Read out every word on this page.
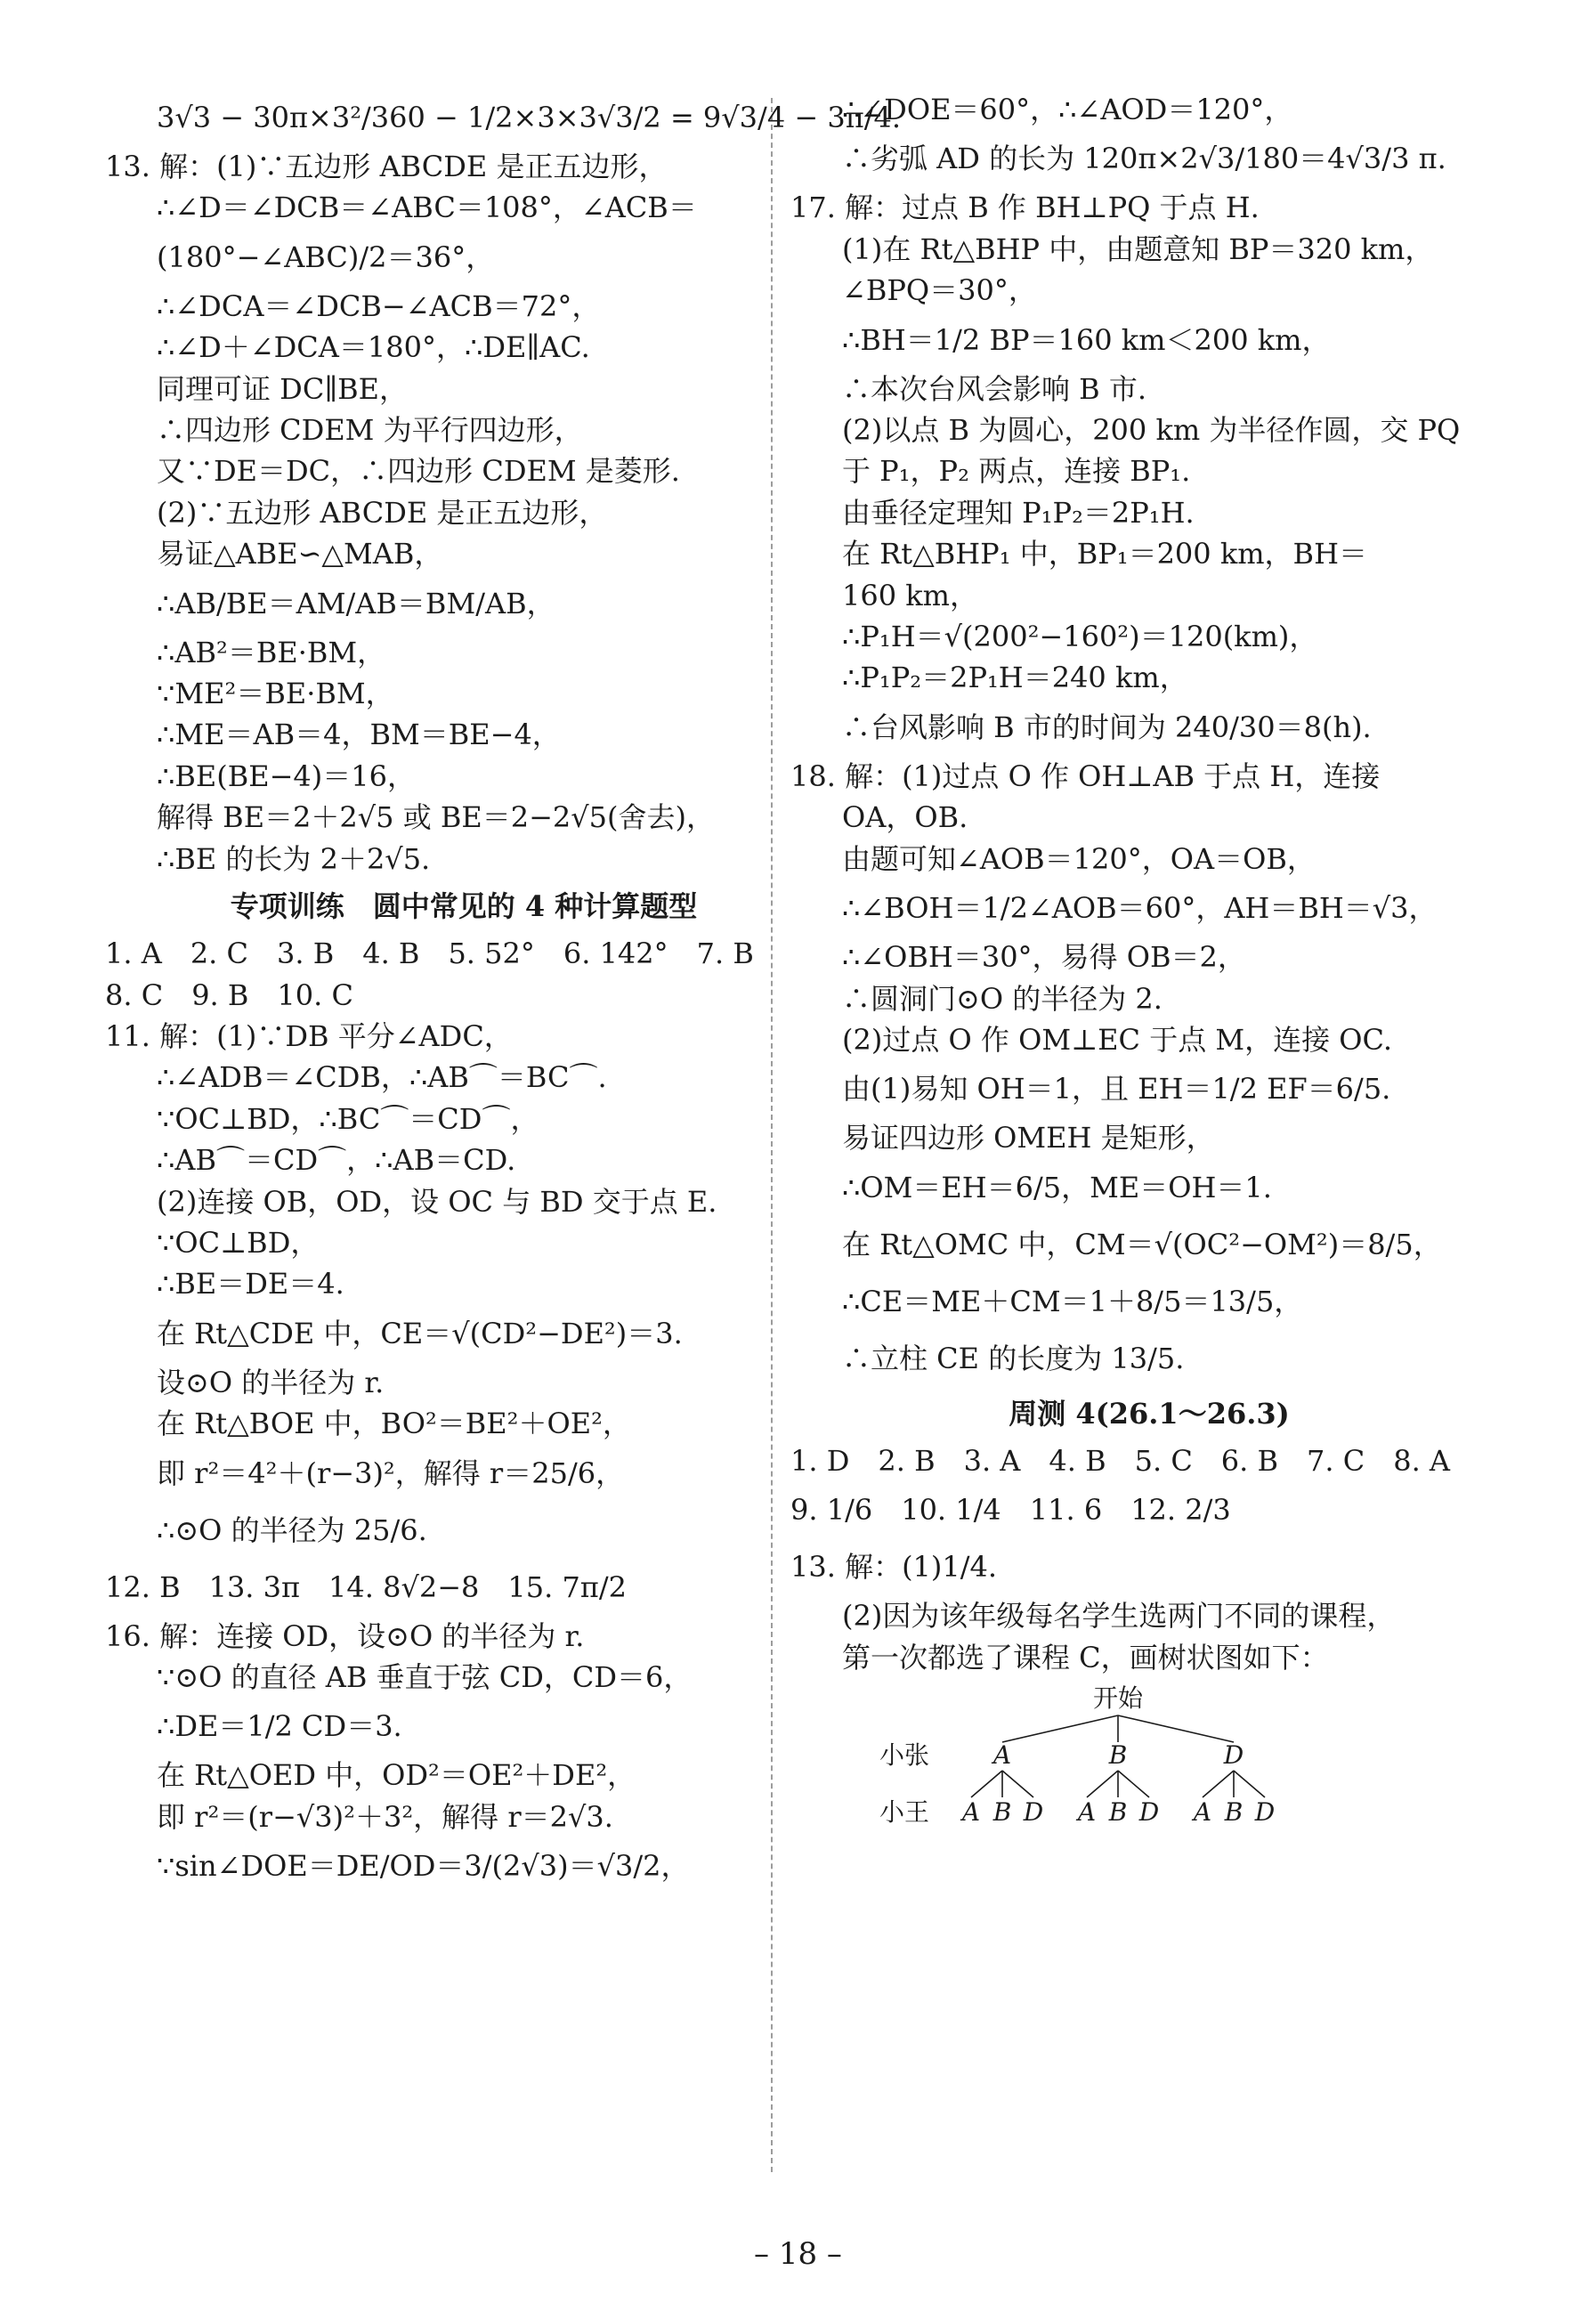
3√3 − 30π×3²/360 − 1/2×3×3√3/2 = 9√3/4 − 3π/4.
13. 解：(1)∵五边形 ABCDE 是正五边形，
∴∠D＝∠DCB＝∠ABC＝108°，∠ACB＝
(180°−∠ABC)/2＝36°，
∴∠DCA＝∠DCB−∠ACB＝72°，
∴∠D＋∠DCA＝180°，∴DE∥AC.
同理可证 DC∥BE，
∴四边形 CDEM 为平行四边形，
又∵DE＝DC，∴四边形 CDEM 是菱形.
(2)∵五边形 ABCDE 是正五边形，
易证△ABE∽△MAB，
∴AB/BE＝AM/AB＝BM/AB，
∴AB²＝BE·BM，
∵ME²＝BE·BM，
∴ME＝AB＝4，BM＝BE−4，
∴BE(BE−4)＝16，
解得 BE＝2＋2√5 或 BE＝2−2√5(舍去)，
∴BE 的长为 2＋2√5.
专项训练　圆中常见的 4 种计算题型
1. A　2. C　3. B　4. B　5. 52°　6. 142°　7. B
8. C　9. B　10. C
11. 解：(1)∵DB 平分∠ADC，
∴∠ADB＝∠CDB，∴AB⌒＝BC⌒.
∵OC⊥BD，∴BC⌒＝CD⌒，
∴AB⌒＝CD⌒，∴AB＝CD.
(2)连接 OB，OD，设 OC 与 BD 交于点 E.
∵OC⊥BD，
∴BE＝DE＝4.
在 Rt△CDE 中，CE＝√(CD²−DE²)＝3.
设⊙O 的半径为 r.
在 Rt△BOE 中，BO²＝BE²＋OE²，
即 r²＝4²＋(r−3)²，解得 r＝25/6，
∴⊙O 的半径为 25/6.
12. B　13. 3π　14. 8√2−8　15. 7π/2
16. 解：连接 OD，设⊙O 的半径为 r.
∵⊙O 的直径 AB 垂直于弦 CD，CD＝6，
∴DE＝1/2 CD＝3.
在 Rt△OED 中，OD²＝OE²＋DE²，
即 r²＝(r−√3)²＋3²，解得 r＝2√3.
∵sin∠DOE＝DE/OD＝3/(2√3)＝√3/2，
∴∠DOE＝60°，∴∠AOD＝120°，
∴劣弧 AD 的长为 120π×2√3/180＝4√3/3 π.
17. 解：过点 B 作 BH⊥PQ 于点 H.
(1)在 Rt△BHP 中，由题意知 BP＝320 km，
∠BPQ＝30°，
∴BH＝1/2 BP＝160 km＜200 km，
∴本次台风会影响 B 市.
(2)以点 B 为圆心，200 km 为半径作圆，交 PQ
于 P₁，P₂ 两点，连接 BP₁.
由垂径定理知 P₁P₂＝2P₁H.
在 Rt△BHP₁ 中，BP₁＝200 km，BH＝
160 km，
∴P₁H＝√(200²−160²)＝120(km)，
∴P₁P₂＝2P₁H＝240 km，
∴台风影响 B 市的时间为 240/30＝8(h).
18. 解：(1)过点 O 作 OH⊥AB 于点 H，连接
OA，OB.
由题可知∠AOB＝120°，OA＝OB，
∴∠BOH＝1/2∠AOB＝60°，AH＝BH＝√3，
∴∠OBH＝30°，易得 OB＝2，
∴圆洞门⊙O 的半径为 2.
(2)过点 O 作 OM⊥EC 于点 M，连接 OC.
由(1)易知 OH＝1，且 EH＝1/2 EF＝6/5.
易证四边形 OMEH 是矩形，
∴OM＝EH＝6/5，ME＝OH＝1.
在 Rt△OMC 中，CM＝√(OC²−OM²)＝8/5，
∴CE＝ME＋CM＝1＋8/5＝13/5，
∴立柱 CE 的长度为 13/5.
周测 4(26.1～26.3)
1. D　2. B　3. A　4. B　5. C　6. B　7. C　8. A
9. 1/6　10. 1/4　11. 6　12. 2/3
13. 解：(1)1/4.
(2)因为该年级每名学生选两门不同的课程，
第一次都选了课程 C，画树状图如下：
开始
小张
小王
A	B	D
A B D A B D A B D
– 18 –
